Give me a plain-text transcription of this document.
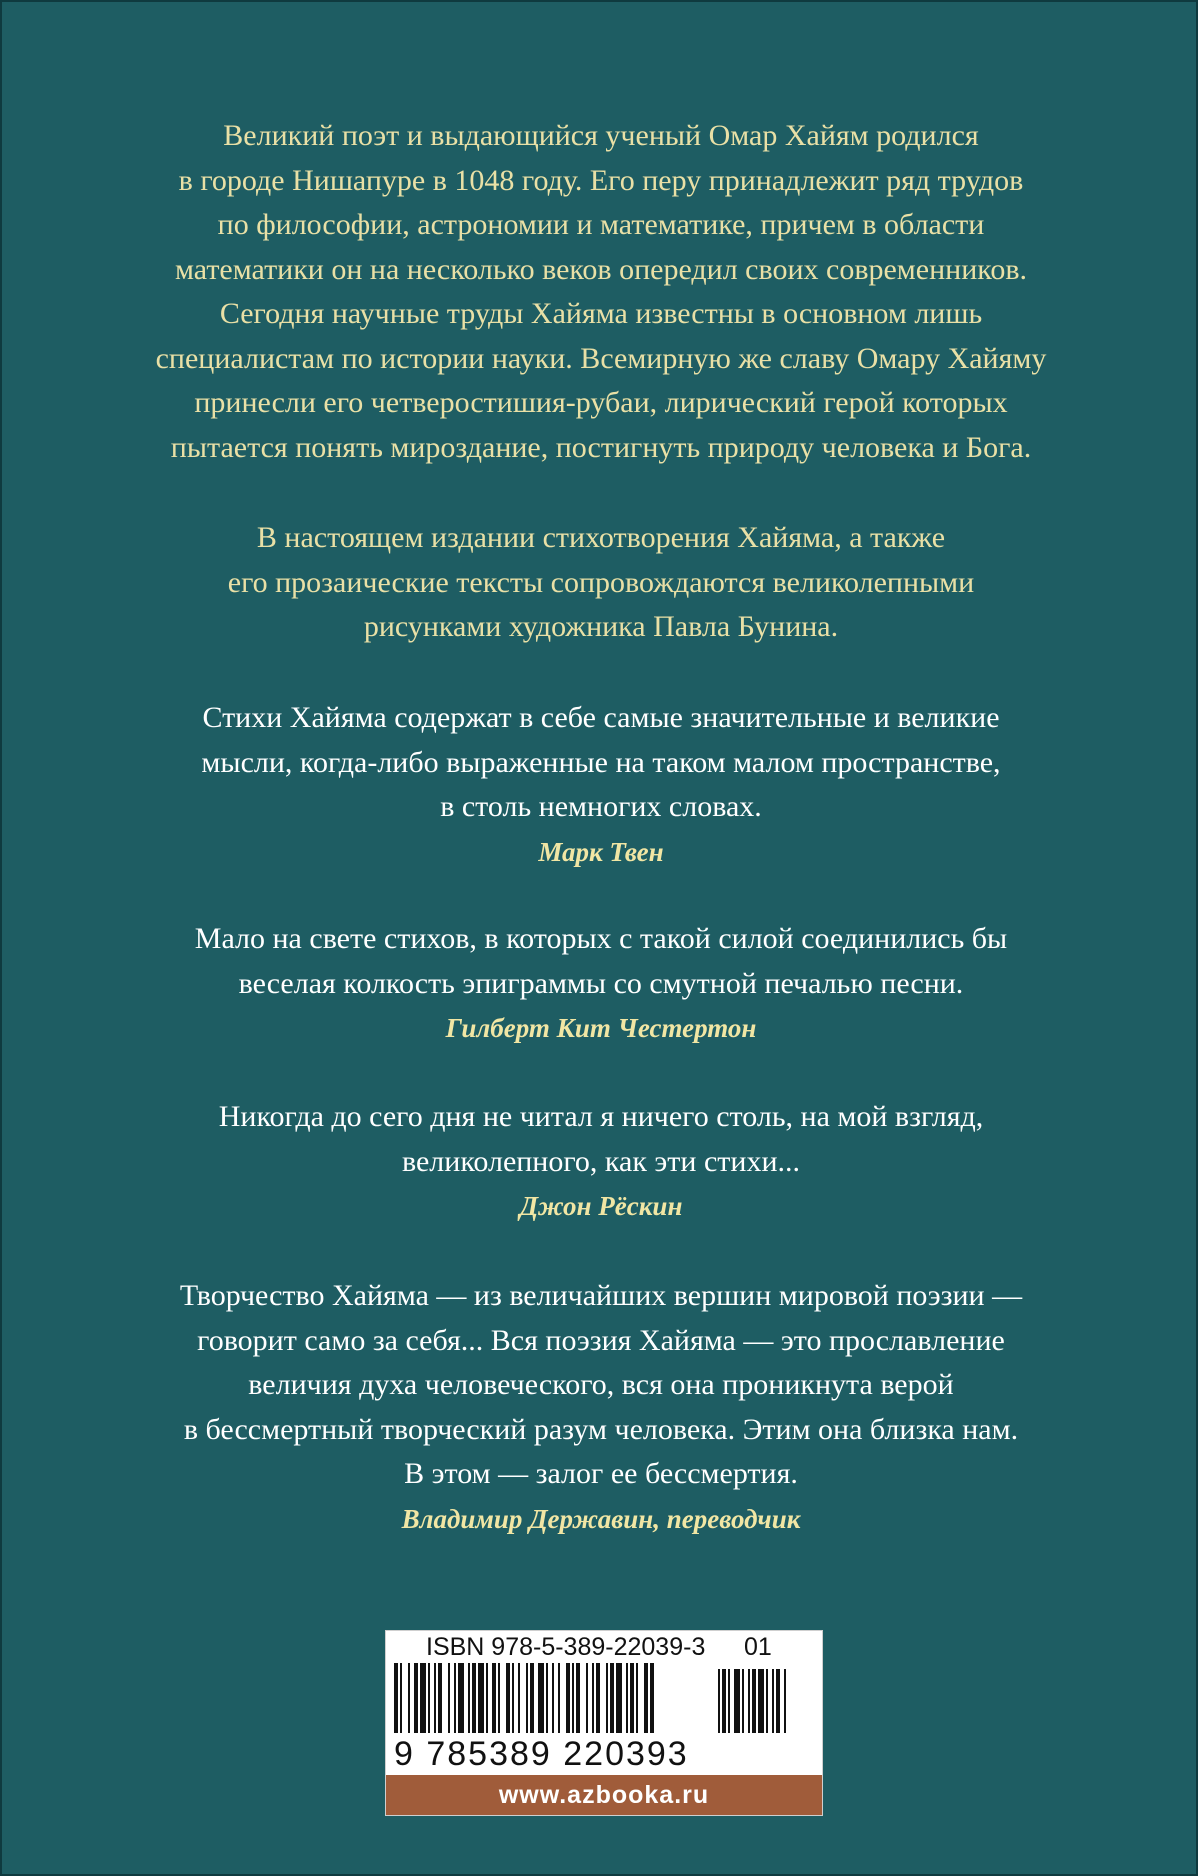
Великий поэт и выдающийся ученый Омар Хайям родился
в городе Нишапуре в 1048 году. Его перу принадлежит ряд трудов
по философии, астрономии и математике, причем в области
математики он на несколько веков опередил своих современников.
Сегодня научные труды Хайяма известны в основном лишь
специалистам по истории науки. Всемирную же славу Омару Хайяму
принесли его четверостишия-рубаи, лирический герой которых
пытается понять мироздание, постигнуть природу человека и Бога.
В настоящем издании стихотворения Хайяма, а также
его прозаические тексты сопровождаются великолепными
рисунками художника Павла Бунина.
Стихи Хайяма содержат в себе самые значительные и великие
мысли, когда-либо выраженные на таком малом пространстве,
в столь немногих словах.
Марк Твен
Мало на свете стихов, в которых с такой силой соединились бы
веселая колкость эпиграммы со смутной печалью песни.
Гилберт Кит Честертон
Никогда до сего дня не читал я ничего столь, на мой взгляд,
великолепного, как эти стихи...
Джон Рёскин
Творчество Хайяма — из величайших вершин мировой поэзии —
говорит само за себя... Вся поэзия Хайяма — это прославление
величия духа человеческого, вся она проникнута верой
в бессмертный творческий разум человека. Этим она близка нам.
В этом — залог ее бессмертия.
Владимир Державин, переводчик
ISBN 978-5-389-22039-3 01
9 785389 220393
www.azbooka.ru
